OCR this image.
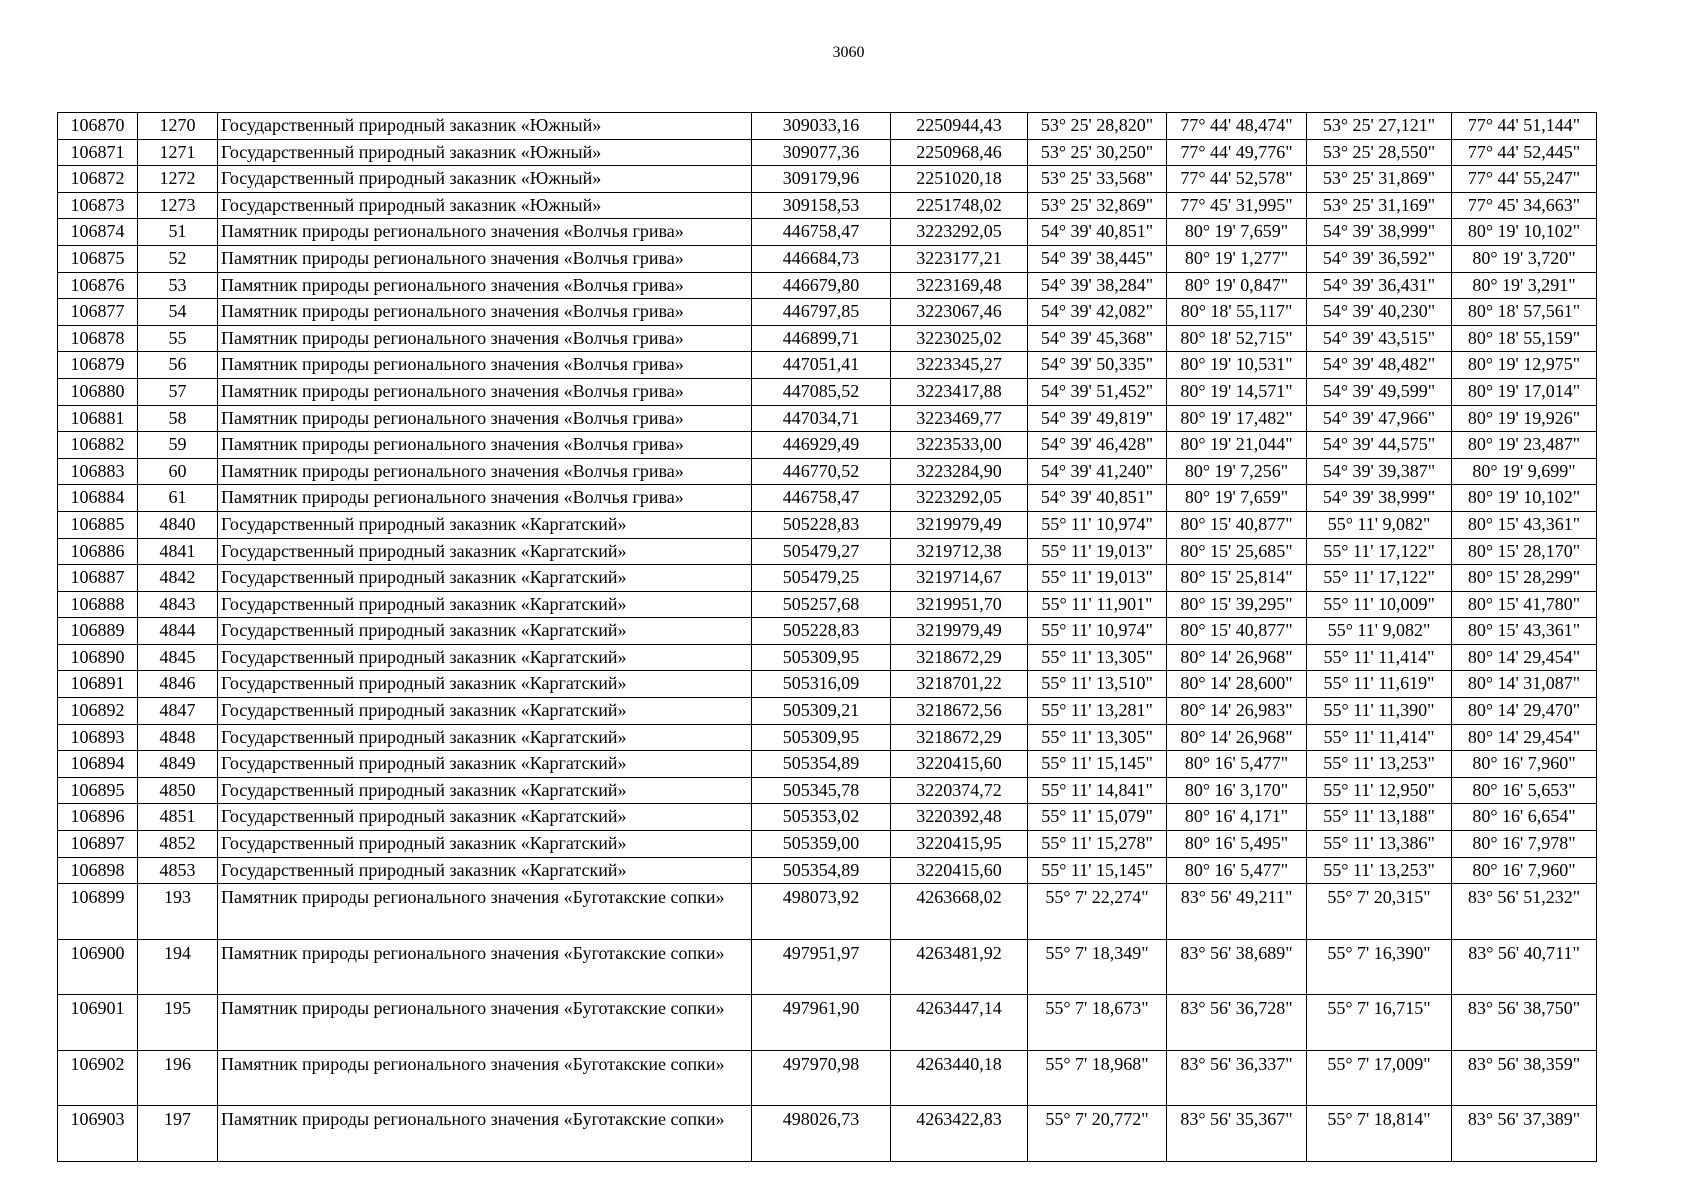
3060
106870	1270	Государственный природный заказник «Южный»	309033,16	2250944,43	53° 25' 28,820"	77° 44' 48,474"	53° 25' 27,121"	77° 44' 51,144"
106871	1271	Государственный природный заказник «Южный»	309077,36	2250968,46	53° 25' 30,250"	77° 44' 49,776"	53° 25' 28,550"	77° 44' 52,445"
106872	1272	Государственный природный заказник «Южный»	309179,96	2251020,18	53° 25' 33,568"	77° 44' 52,578"	53° 25' 31,869"	77° 44' 55,247"
106873	1273	Государственный природный заказник «Южный»	309158,53	2251748,02	53° 25' 32,869"	77° 45' 31,995"	53° 25' 31,169"	77° 45' 34,663"
106874	51	Памятник природы регионального значения «Волчья грива»	446758,47	3223292,05	54° 39' 40,851"	80° 19' 7,659"	54° 39' 38,999"	80° 19' 10,102"
106875	52	Памятник природы регионального значения «Волчья грива»	446684,73	3223177,21	54° 39' 38,445"	80° 19' 1,277"	54° 39' 36,592"	80° 19' 3,720"
106876	53	Памятник природы регионального значения «Волчья грива»	446679,80	3223169,48	54° 39' 38,284"	80° 19' 0,847"	54° 39' 36,431"	80° 19' 3,291"
106877	54	Памятник природы регионального значения «Волчья грива»	446797,85	3223067,46	54° 39' 42,082"	80° 18' 55,117"	54° 39' 40,230"	80° 18' 57,561"
106878	55	Памятник природы регионального значения «Волчья грива»	446899,71	3223025,02	54° 39' 45,368"	80° 18' 52,715"	54° 39' 43,515"	80° 18' 55,159"
106879	56	Памятник природы регионального значения «Волчья грива»	447051,41	3223345,27	54° 39' 50,335"	80° 19' 10,531"	54° 39' 48,482"	80° 19' 12,975"
106880	57	Памятник природы регионального значения «Волчья грива»	447085,52	3223417,88	54° 39' 51,452"	80° 19' 14,571"	54° 39' 49,599"	80° 19' 17,014"
106881	58	Памятник природы регионального значения «Волчья грива»	447034,71	3223469,77	54° 39' 49,819"	80° 19' 17,482"	54° 39' 47,966"	80° 19' 19,926"
106882	59	Памятник природы регионального значения «Волчья грива»	446929,49	3223533,00	54° 39' 46,428"	80° 19' 21,044"	54° 39' 44,575"	80° 19' 23,487"
106883	60	Памятник природы регионального значения «Волчья грива»	446770,52	3223284,90	54° 39' 41,240"	80° 19' 7,256"	54° 39' 39,387"	80° 19' 9,699"
106884	61	Памятник природы регионального значения «Волчья грива»	446758,47	3223292,05	54° 39' 40,851"	80° 19' 7,659"	54° 39' 38,999"	80° 19' 10,102"
106885	4840	Государственный природный заказник «Каргатский»	505228,83	3219979,49	55° 11' 10,974"	80° 15' 40,877"	55° 11' 9,082"	80° 15' 43,361"
106886	4841	Государственный природный заказник «Каргатский»	505479,27	3219712,38	55° 11' 19,013"	80° 15' 25,685"	55° 11' 17,122"	80° 15' 28,170"
106887	4842	Государственный природный заказник «Каргатский»	505479,25	3219714,67	55° 11' 19,013"	80° 15' 25,814"	55° 11' 17,122"	80° 15' 28,299"
106888	4843	Государственный природный заказник «Каргатский»	505257,68	3219951,70	55° 11' 11,901"	80° 15' 39,295"	55° 11' 10,009"	80° 15' 41,780"
106889	4844	Государственный природный заказник «Каргатский»	505228,83	3219979,49	55° 11' 10,974"	80° 15' 40,877"	55° 11' 9,082"	80° 15' 43,361"
106890	4845	Государственный природный заказник «Каргатский»	505309,95	3218672,29	55° 11' 13,305"	80° 14' 26,968"	55° 11' 11,414"	80° 14' 29,454"
106891	4846	Государственный природный заказник «Каргатский»	505316,09	3218701,22	55° 11' 13,510"	80° 14' 28,600"	55° 11' 11,619"	80° 14' 31,087"
106892	4847	Государственный природный заказник «Каргатский»	505309,21	3218672,56	55° 11' 13,281"	80° 14' 26,983"	55° 11' 11,390"	80° 14' 29,470"
106893	4848	Государственный природный заказник «Каргатский»	505309,95	3218672,29	55° 11' 13,305"	80° 14' 26,968"	55° 11' 11,414"	80° 14' 29,454"
106894	4849	Государственный природный заказник «Каргатский»	505354,89	3220415,60	55° 11' 15,145"	80° 16' 5,477"	55° 11' 13,253"	80° 16' 7,960"
106895	4850	Государственный природный заказник «Каргатский»	505345,78	3220374,72	55° 11' 14,841"	80° 16' 3,170"	55° 11' 12,950"	80° 16' 5,653"
106896	4851	Государственный природный заказник «Каргатский»	505353,02	3220392,48	55° 11' 15,079"	80° 16' 4,171"	55° 11' 13,188"	80° 16' 6,654"
106897	4852	Государственный природный заказник «Каргатский»	505359,00	3220415,95	55° 11' 15,278"	80° 16' 5,495"	55° 11' 13,386"	80° 16' 7,978"
106898	4853	Государственный природный заказник «Каргатский»	505354,89	3220415,60	55° 11' 15,145"	80° 16' 5,477"	55° 11' 13,253"	80° 16' 7,960"
106899	193	Памятник природы регионального значения «Буготакские сопки»	498073,92	4263668,02	55° 7' 22,274"	83° 56' 49,211"	55° 7' 20,315"	83° 56' 51,232"
106900	194	Памятник природы регионального значения «Буготакские сопки»	497951,97	4263481,92	55° 7' 18,349"	83° 56' 38,689"	55° 7' 16,390"	83° 56' 40,711"
106901	195	Памятник природы регионального значения «Буготакские сопки»	497961,90	4263447,14	55° 7' 18,673"	83° 56' 36,728"	55° 7' 16,715"	83° 56' 38,750"
106902	196	Памятник природы регионального значения «Буготакские сопки»	497970,98	4263440,18	55° 7' 18,968"	83° 56' 36,337"	55° 7' 17,009"	83° 56' 38,359"
106903	197	Памятник природы регионального значения «Буготакские сопки»	498026,73	4263422,83	55° 7' 20,772"	83° 56' 35,367"	55° 7' 18,814"	83° 56' 37,389"
